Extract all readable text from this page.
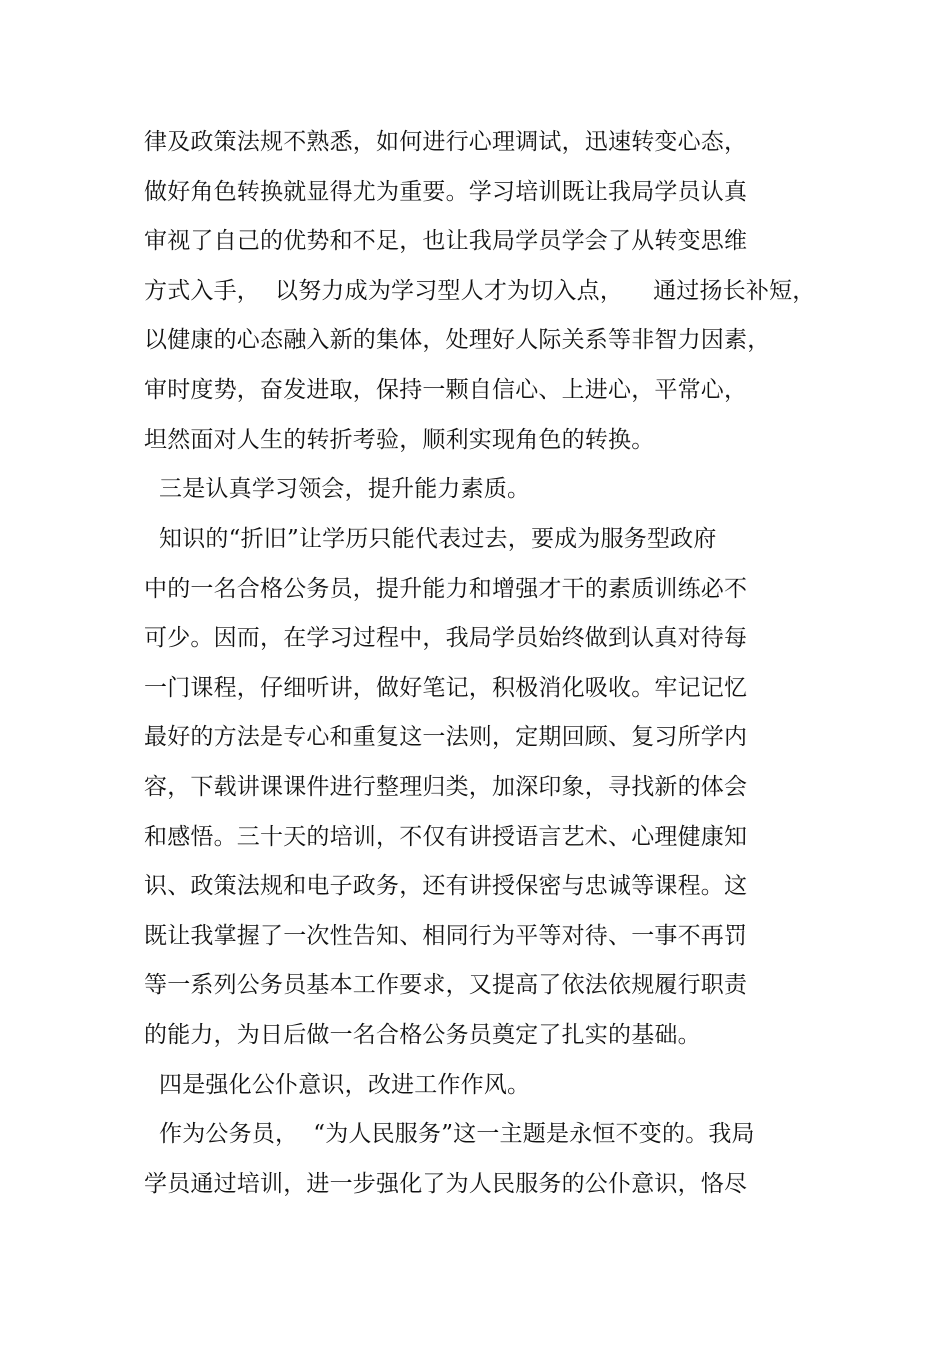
律及政策法规不熟悉，如何进行心理调试，迅速转变心态，
做好角色转换就显得尤为重要。学习培训既让我局学员认真
审视了自己的优势和不足，也让我局学员学会了从转变思维
方式入手，  以努力成为学习型人才为切入点，    通过扬长补短，
以健康的心态融入新的集体，处理好人际关系等非智力因素，
审时度势，奋发进取，保持一颗自信心、上进心，平常心，
坦然面对人生的转折考验，顺利实现角色的转换。
三是认真学习领会，提升能力素质。
知识的“折旧”让学历只能代表过去，要成为服务型政府
中的一名合格公务员，提升能力和增强才干的素质训练必不
可少。因而，在学习过程中，我局学员始终做到认真对待每
一门课程，仔细听讲，做好笔记，积极消化吸收。牢记记忆
最好的方法是专心和重复这一法则，定期回顾、复习所学内
容，下载讲课课件进行整理归类，加深印象，寻找新的体会
和感悟。三十天的培训，不仅有讲授语言艺术、心理健康知
识、政策法规和电子政务，还有讲授保密与忠诚等课程。这
既让我掌握了一次性告知、相同行为平等对待、一事不再罚
等一系列公务员基本工作要求，又提高了依法依规履行职责
的能力，为日后做一名合格公务员奠定了扎实的基础。
四是强化公仆意识，改进工作作风。
作为公务员，  “为人民服务”这一主题是永恒不变的。我局
学员通过培训，进一步强化了为人民服务的公仆意识，恪尽
